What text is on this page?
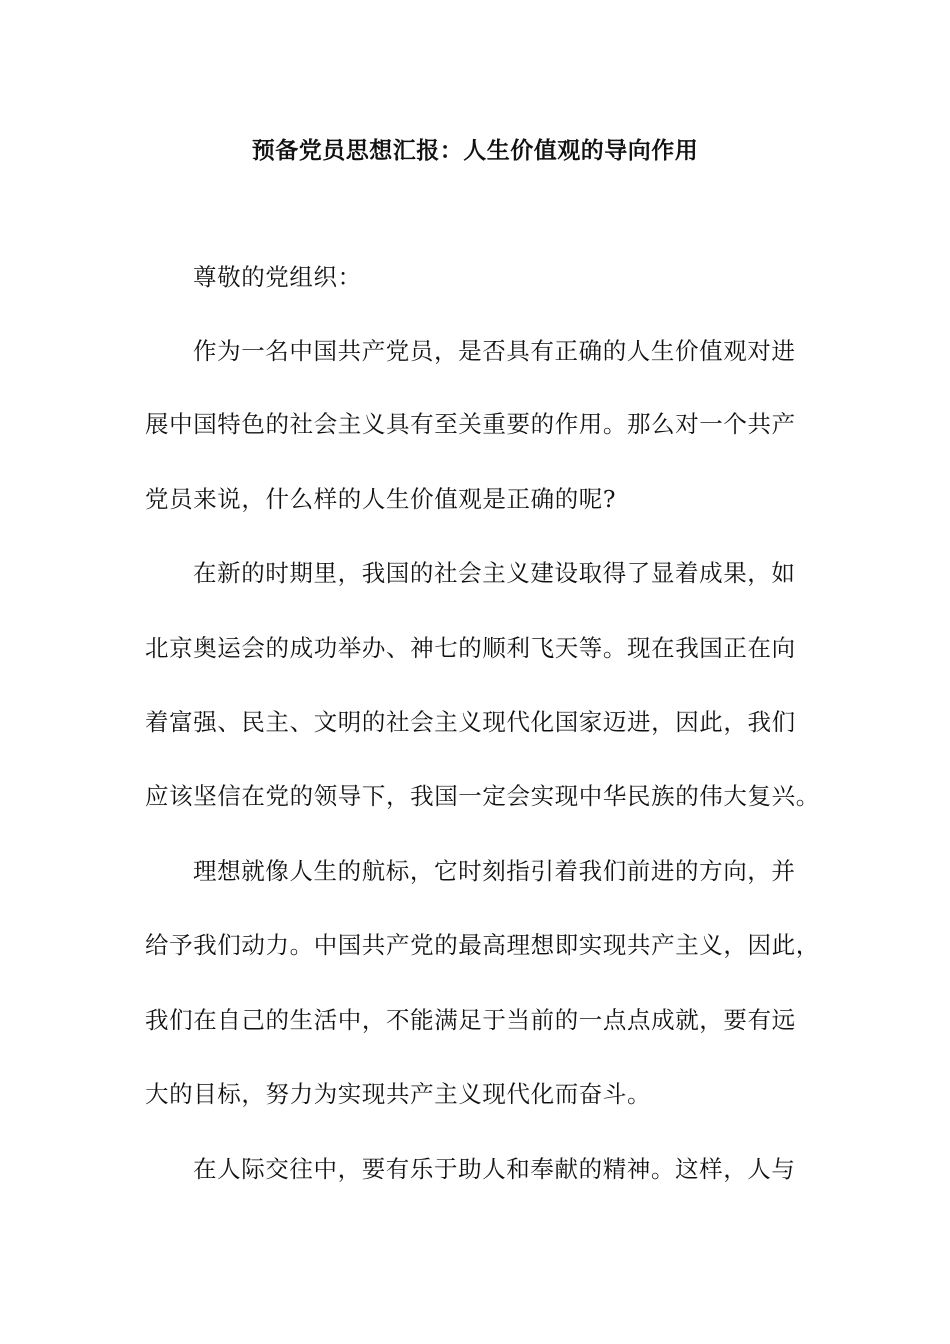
预备党员思想汇报：人生价值观的导向作用
尊敬的党组织：
作为一名中国共产党员，是否具有正确的人生价值观对进
展中国特色的社会主义具有至关重要的作用。那么对一个共产
党员来说，什么样的人生价值观是正确的呢?
在新的时期里，我国的社会主义建设取得了显着成果，如
北京奥运会的成功举办、神七的顺利飞天等。现在我国正在向
着富强、民主、文明的社会主义现代化国家迈进，因此，我们
应该坚信在党的领导下，我国一定会实现中华民族的伟大复兴。
理想就像人生的航标，它时刻指引着我们前进的方向，并
给予我们动力。中国共产党的最高理想即实现共产主义，因此，
我们在自己的生活中，不能满足于当前的一点点成就，要有远
大的目标，努力为实现共产主义现代化而奋斗。
在人际交往中，要有乐于助人和奉献的精神。这样，人与
